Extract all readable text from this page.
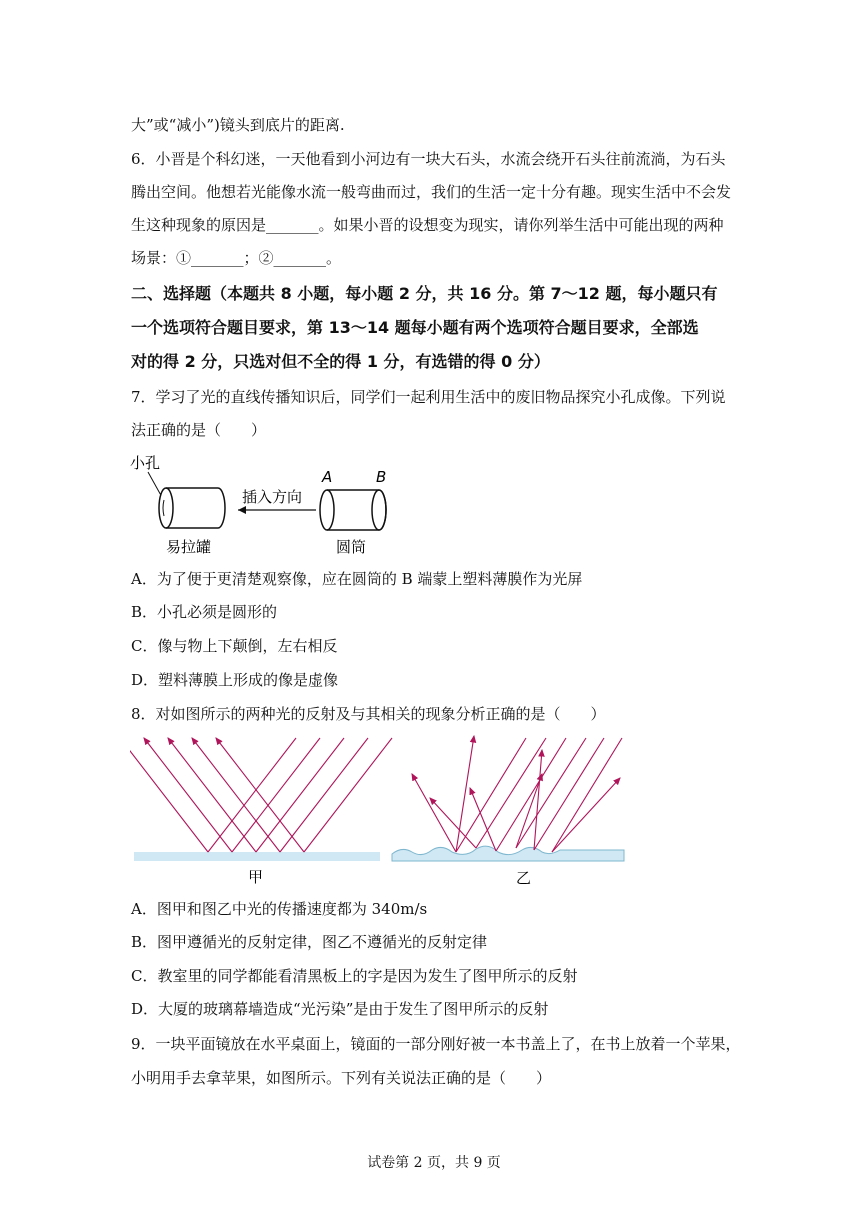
大”或“减小”)镜头到底片的距离.
6．小晋是个科幻迷，一天他看到小河边有一块大石头，水流会绕开石头往前流淌，为石头
腾出空间。他想若光能像水流一般弯曲而过，我们的生活一定十分有趣。现实生活中不会发
生这种现象的原因是_______。如果小晋的设想变为现实，请你列举生活中可能出现的两种
场景：①_______；②_______。
二、选择题（本题共 8 小题，每小题 2 分，共 16 分。第 7～12 题，每小题只有
一个选项符合题目要求，第 13～14 题每小题有两个选项符合题目要求，全部选
对的得 2 分，只选对但不全的得 1 分，有选错的得 0 分）
7．学习了光的直线传播知识后，同学们一起利用生活中的废旧物品探究小孔成像。下列说
法正确的是（　　）
小孔
插入方向
A	B
易拉罐	圆筒
A．为了便于更清楚观察像，应在圆筒的 B 端蒙上塑料薄膜作为光屏
B．小孔必须是圆形的
C．像与物上下颠倒，左右相反
D．塑料薄膜上形成的像是虚像
8．对如图所示的两种光的反射及与其相关的现象分析正确的是（　　）
甲	乙
A．图甲和图乙中光的传播速度都为 340m/s
B．图甲遵循光的反射定律，图乙不遵循光的反射定律
C．教室里的同学都能看清黑板上的字是因为发生了图甲所示的反射
D．大厦的玻璃幕墙造成“光污染”是由于发生了图甲所示的反射
9．一块平面镜放在水平桌面上，镜面的一部分刚好被一本书盖上了，在书上放着一个苹果，
小明用手去拿苹果，如图所示。下列有关说法正确的是（　　）
试卷第 2 页，共 9 页
